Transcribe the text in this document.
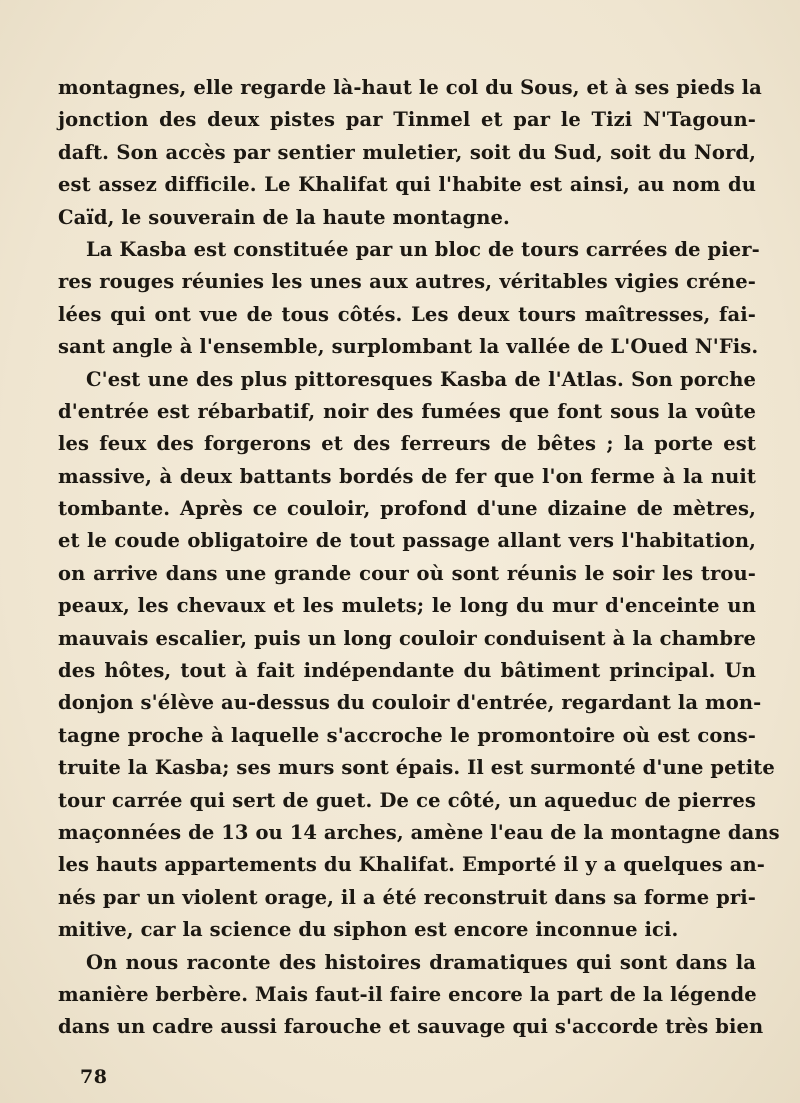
montagnes, elle regarde là-haut le col du Sous, et à ses pieds la
jonction des deux pistes par Tinmel et par le Tizi N'Tagoun-
daft. Son accès par sentier muletier, soit du Sud, soit du Nord,
est assez difficile. Le Khalifat qui l'habite est ainsi, au nom du
Caïd, le souverain de la haute montagne.
La Kasba est constituée par un bloc de tours carrées de pier-
res rouges réunies les unes aux autres, véritables vigies créne-
lées qui ont vue de tous côtés. Les deux tours maîtresses, fai-
sant angle à l'ensemble, surplombant la vallée de L'Oued N'Fis.
C'est une des plus pittoresques Kasba de l'Atlas. Son porche
d'entrée est rébarbatif, noir des fumées que font sous la voûte
les feux des forgerons et des ferreurs de bêtes ; la porte est
massive, à deux battants bordés de fer que l'on ferme à la nuit
tombante. Après ce couloir, profond d'une dizaine de mètres,
et le coude obligatoire de tout passage allant vers l'habitation,
on arrive dans une grande cour où sont réunis le soir les trou-
peaux, les chevaux et les mulets; le long du mur d'enceinte un
mauvais escalier, puis un long couloir conduisent à la chambre
des hôtes, tout à fait indépendante du bâtiment principal. Un
donjon s'élève au-dessus du couloir d'entrée, regardant la mon-
tagne proche à laquelle s'accroche le promontoire où est cons-
truite la Kasba; ses murs sont épais. Il est surmonté d'une petite
tour carrée qui sert de guet. De ce côté, un aqueduc de pierres
maçonnées de 13 ou 14 arches, amène l'eau de la montagne dans
les hauts appartements du Khalifat. Emporté il y a quelques an-
nés par un violent orage, il a été reconstruit dans sa forme pri-
mitive, car la science du siphon est encore inconnue ici.
On nous raconte des histoires dramatiques qui sont dans la
manière berbère. Mais faut-il faire encore la part de la légende
dans un cadre aussi farouche et sauvage qui s'accorde très bien
78
